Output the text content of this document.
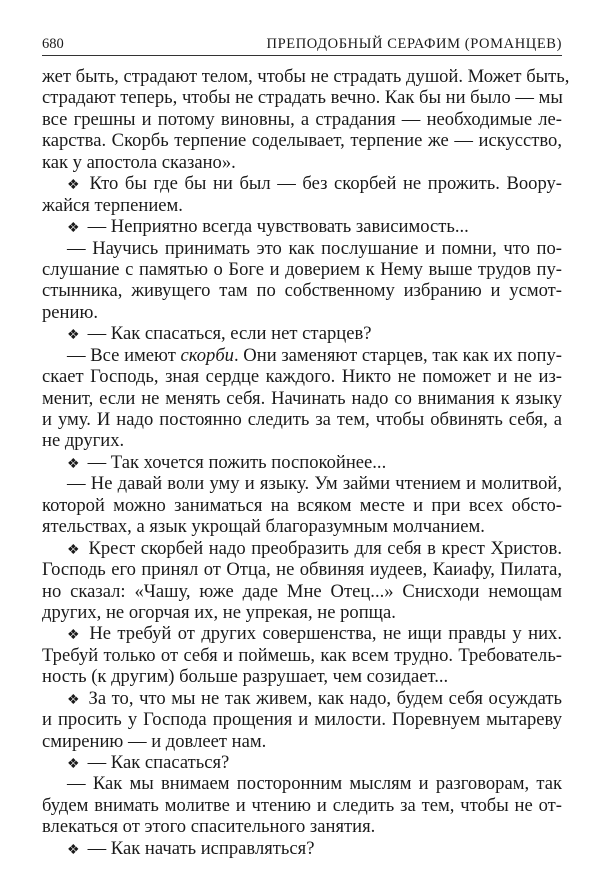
680	ПРЕПОДОБНЫЙ СЕРАФИМ (РОМАНЦЕВ)
жет быть, страдают телом, чтобы не страдать душой. Может быть,
страдают теперь, чтобы не страдать вечно. Как бы ни было — мы
все грешны и потому виновны, а страдания — необходимые ле-
карства. Скорбь терпение соделывает, терпение же — искусство,
как у апостола сказано».
❖ Кто бы где бы ни был — без скорбей не прожить. Воору-
жайся терпением.
❖ — Неприятно всегда чувствовать зависимость...
— Научись принимать это как послушание и помни, что по-
слушание с памятью о Боге и доверием к Нему выше трудов пу-
стынника, живущего там по собственному избранию и усмот-
рению.
❖ — Как спасаться, если нет старцев?
— Все имеют скорби. Они заменяют старцев, так как их попу-
скает Господь, зная сердце каждого. Никто не поможет и не из-
менит, если не менять себя. Начинать надо со внимания к языку
и уму. И надо постоянно следить за тем, чтобы обвинять себя, а
не других.
❖ — Так хочется пожить поспокойнее...
— Не давай воли уму и языку. Ум займи чтением и молитвой,
которой можно заниматься на всяком месте и при всех обсто-
ятельствах, а язык укрощай благоразумным молчанием.
❖ Крест скорбей надо преобразить для себя в крест Христов.
Господь его принял от Отца, не обвиняя иудеев, Каиафу, Пилата,
но сказал: «Чашу, юже даде Мне Отец...» Снисходи немощам
других, не огорчая их, не упрекая, не ропща.
❖ Не требуй от других совершенства, не ищи правды у них.
Требуй только от себя и поймешь, как всем трудно. Требователь-
ность (к другим) больше разрушает, чем созидает...
❖ За то, что мы не так живем, как надо, будем себя осуждать
и просить у Господа прощения и милости. Поревнуем мытареву
смирению — и довлеет нам.
❖ — Как спасаться?
— Как мы внимаем посторонним мыслям и разговорам, так
будем внимать молитве и чтению и следить за тем, чтобы не от-
влекаться от этого спасительного занятия.
❖ — Как начать исправляться?
